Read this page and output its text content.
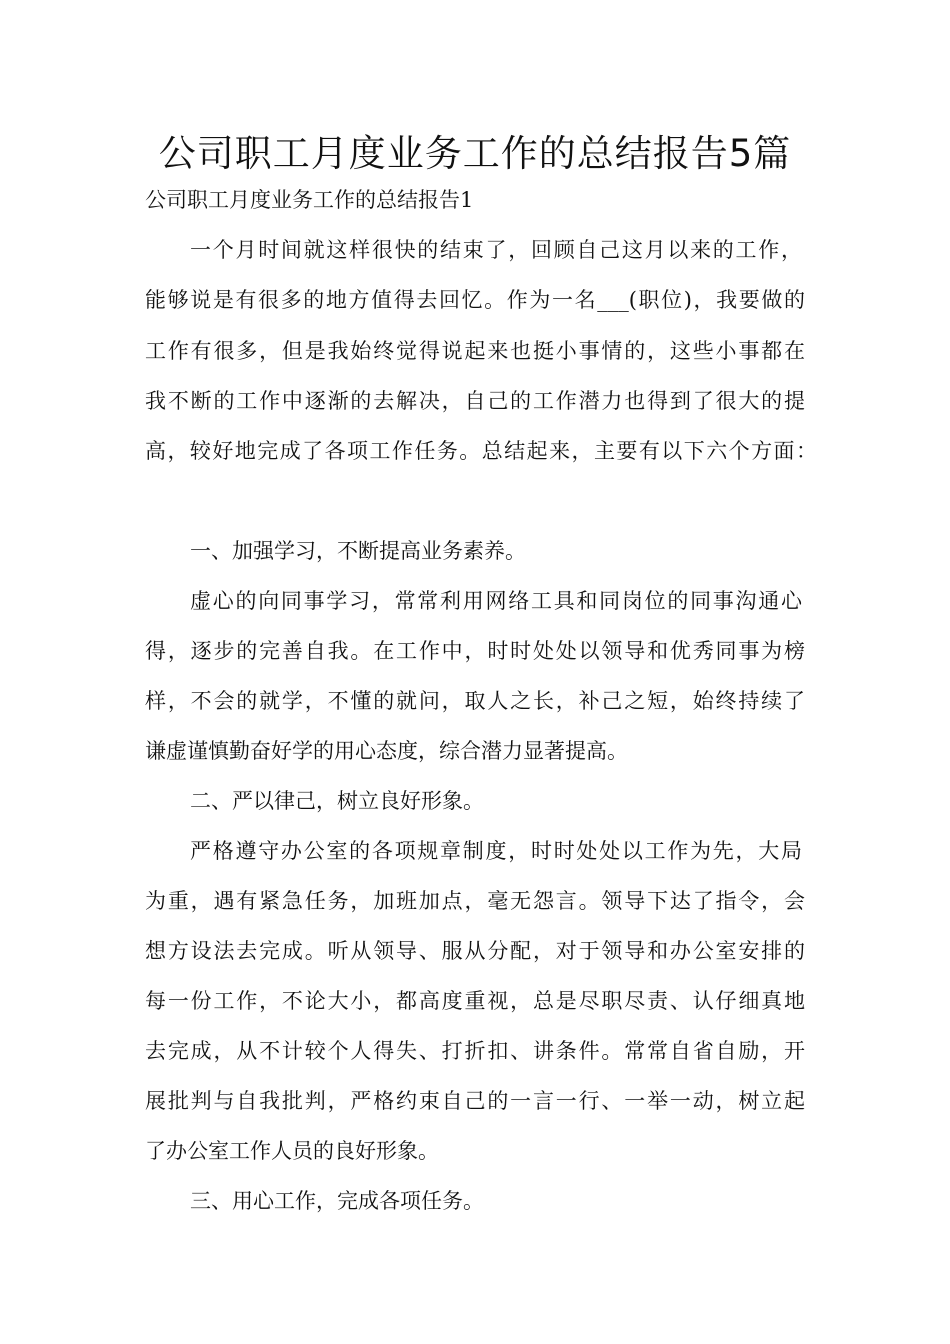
公司职工月度业务工作的总结报告5篇

公司职工月度业务工作的总结报告1

一个月时间就这样很快的结束了，回顾自己这月以来的工作，

能够说是有很多的地方值得去回忆。作为一名___(职位)，我要做的

工作有很多，但是我始终觉得说起来也挺小事情的，这些小事都在

我不断的工作中逐渐的去解决，自己的工作潜力也得到了很大的提

高，较好地完成了各项工作任务。总结起来，主要有以下六个方面：

一、加强学习，不断提高业务素养。

虚心的向同事学习，常常利用网络工具和同岗位的同事沟通心

得，逐步的完善自我。在工作中，时时处处以领导和优秀同事为榜

样，不会的就学，不懂的就问，取人之长，补己之短，始终持续了

谦虚谨慎勤奋好学的用心态度，综合潜力显著提高。

二、严以律己，树立良好形象。

严格遵守办公室的各项规章制度，时时处处以工作为先，大局

为重，遇有紧急任务，加班加点，毫无怨言。领导下达了指令，会

想方设法去完成。听从领导、服从分配，对于领导和办公室安排的

每一份工作，不论大小，都高度重视，总是尽职尽责、认仔细真地

去完成，从不计较个人得失、打折扣、讲条件。常常自省自励，开

展批判与自我批判，严格约束自己的一言一行、一举一动，树立起

了办公室工作人员的良好形象。

三、用心工作，完成各项任务。
